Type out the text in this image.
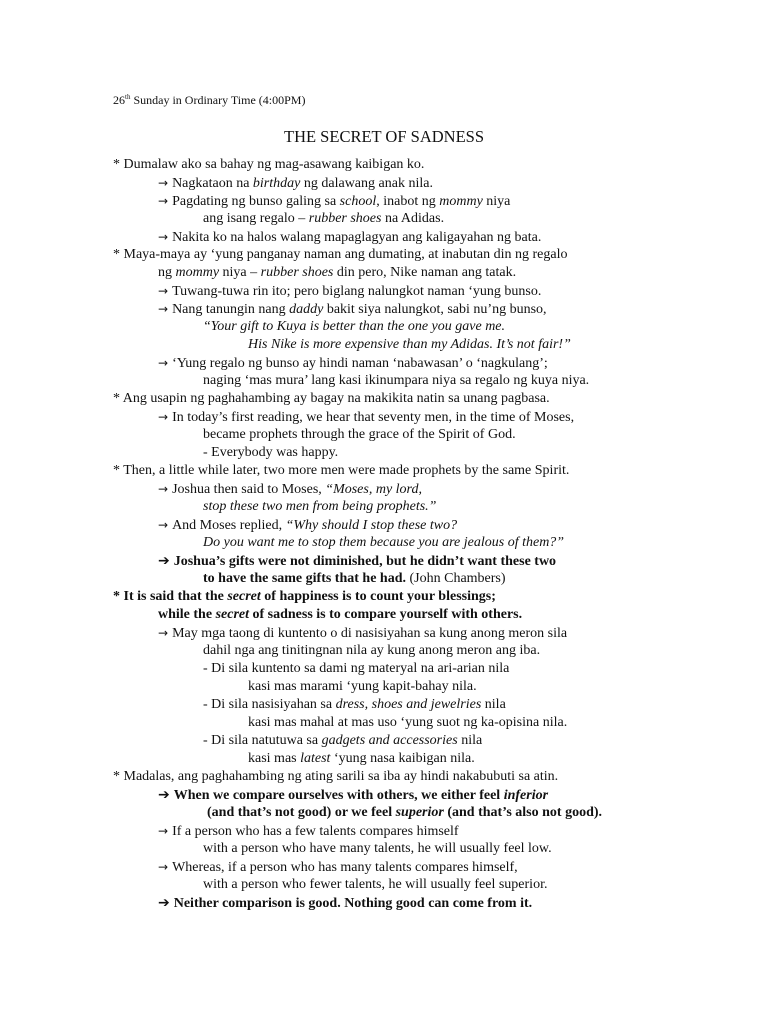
26th Sunday in Ordinary Time (4:00PM)
THE SECRET OF SADNESS
* Dumalaw ako sa bahay ng mag-asawang kaibigan ko.
→ Nagkataon na birthday ng dalawang anak nila.
→ Pagdating ng bunso galing sa school, inabot ng mommy niya
ang isang regalo – rubber shoes na Adidas.
→ Nakita ko na halos walang mapaglagyan ang kaligayahan ng bata.
* Maya-maya ay ‘yung panganay naman ang dumating, at inabutan din ng regalo
ng mommy niya – rubber shoes din pero, Nike naman ang tatak.
→ Tuwang-tuwa rin ito; pero biglang nalungkot naman ‘yung bunso.
→ Nang tanungin nang daddy bakit siya nalungkot, sabi nu’ng bunso,
“Your gift to Kuya is better than the one you gave me.
His Nike is more expensive than my Adidas. It’s not fair!”
→ ‘Yung regalo ng bunso ay hindi naman ‘nabawasan’ o ‘nagkulang’;
naging ‘mas mura’ lang kasi ikinumpara niya sa regalo ng kuya niya.
* Ang usapin ng paghahambing ay bagay na makikita natin sa unang pagbasa.
→ In today’s first reading, we hear that seventy men, in the time of Moses,
became prophets through the grace of the Spirit of God.
- Everybody was happy.
* Then, a little while later, two more men were made prophets by the same Spirit.
→ Joshua then said to Moses, “Moses, my lord,
stop these two men from being prophets.”
→ And Moses replied, “Why should I stop these two?
Do you want me to stop them because you are jealous of them?”
➔ Joshua’s gifts were not diminished, but he didn’t want these two
to have the same gifts that he had. (John Chambers)
* It is said that the secret of happiness is to count your blessings;
while the secret of sadness is to compare yourself with others.
→ May mga taong di kuntento o di nasisiyahan sa kung anong meron sila
dahil nga ang tinitingnan nila ay kung anong meron ang iba.
- Di sila kuntento sa dami ng materyal na ari-arian nila
kasi mas marami ‘yung kapit-bahay nila.
- Di sila nasisiyahan sa dress, shoes and jewelries nila
kasi mas mahal at mas uso ‘yung suot ng ka-opisina nila.
- Di sila natutuwa sa gadgets and accessories nila
kasi mas latest ‘yung nasa kaibigan nila.
* Madalas, ang paghahambing ng ating sarili sa iba ay hindi nakabubuti sa atin.
➔ When we compare ourselves with others, we either feel inferior
(and that’s not good) or we feel superior (and that’s also not good).
→ If a person who has a few talents compares himself
with a person who have many talents, he will usually feel low.
→ Whereas, if a person who has many talents compares himself,
with a person who fewer talents, he will usually feel superior.
➔ Neither comparison is good. Nothing good can come from it.
